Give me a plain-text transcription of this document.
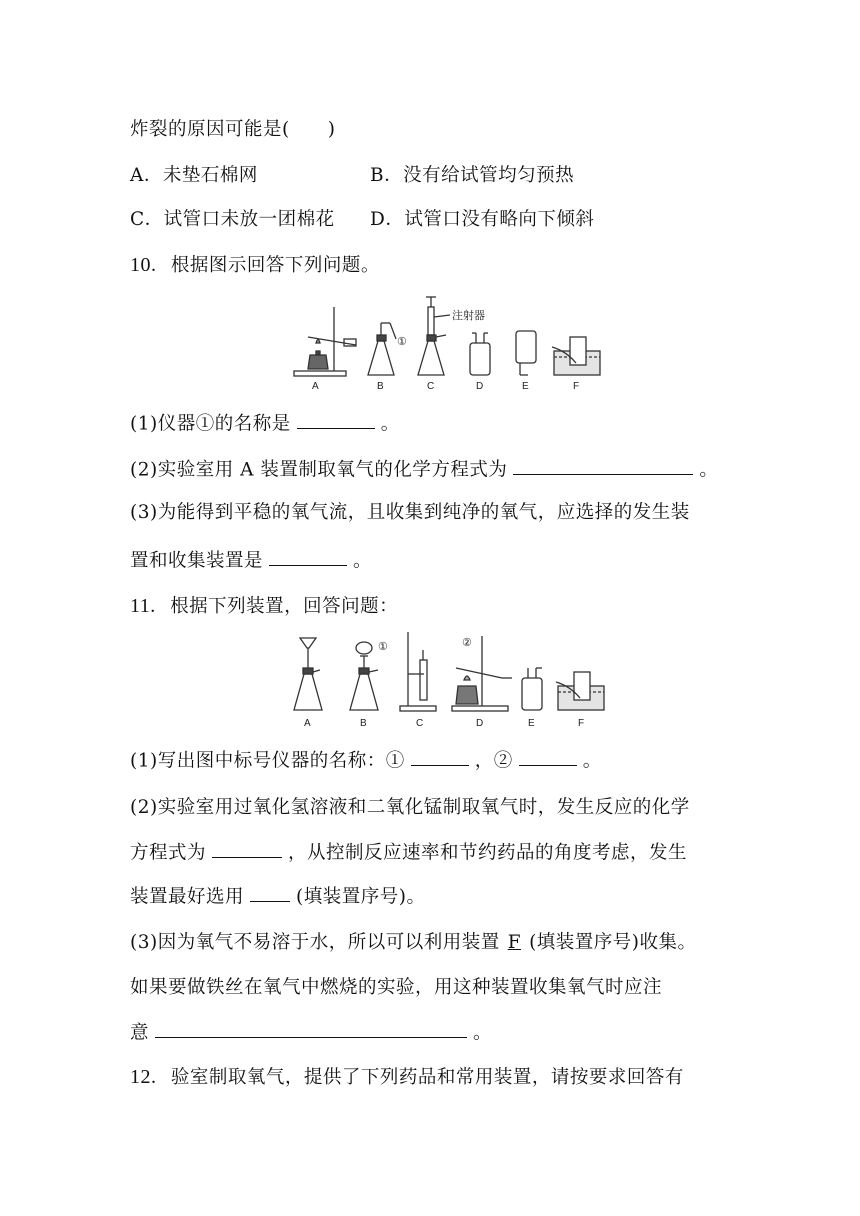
炸裂的原因可能是(　　)
A．未垫石棉网	B．没有给试管均匀预热
C．试管口未放一团棉花 D．试管口没有略向下倾斜
10. 根据图示回答下列问题。
注射器
①
A	B	C	D	E	F
(1)仪器①的名称是	。
(2)实验室用 A 装置制取氧气的化学方程式为	。
(3)为能得到平稳的氧气流，且收集到纯净的氧气，应选择的发生装
置和收集装置是	。
11. 根据下列装置，回答问题：
①	②
A	B	C	D	E	F
(1)写出图中标号仪器的名称：①	，②	。
(2)实验室用过氧化氢溶液和二氧化锰制取氧气时，发生反应的化学
方程式为	，从控制反应速率和节约药品的角度考虑，发生
装置最好选用	(填装置序号)。
(3)因为氧气不易溶于水，所以可以利用装置 F (填装置序号)收集。
如果要做铁丝在氧气中燃烧的实验，用这种装置收集氧气时应注
意	。
12. 验室制取氧气，提供了下列药品和常用装置，请按要求回答有
